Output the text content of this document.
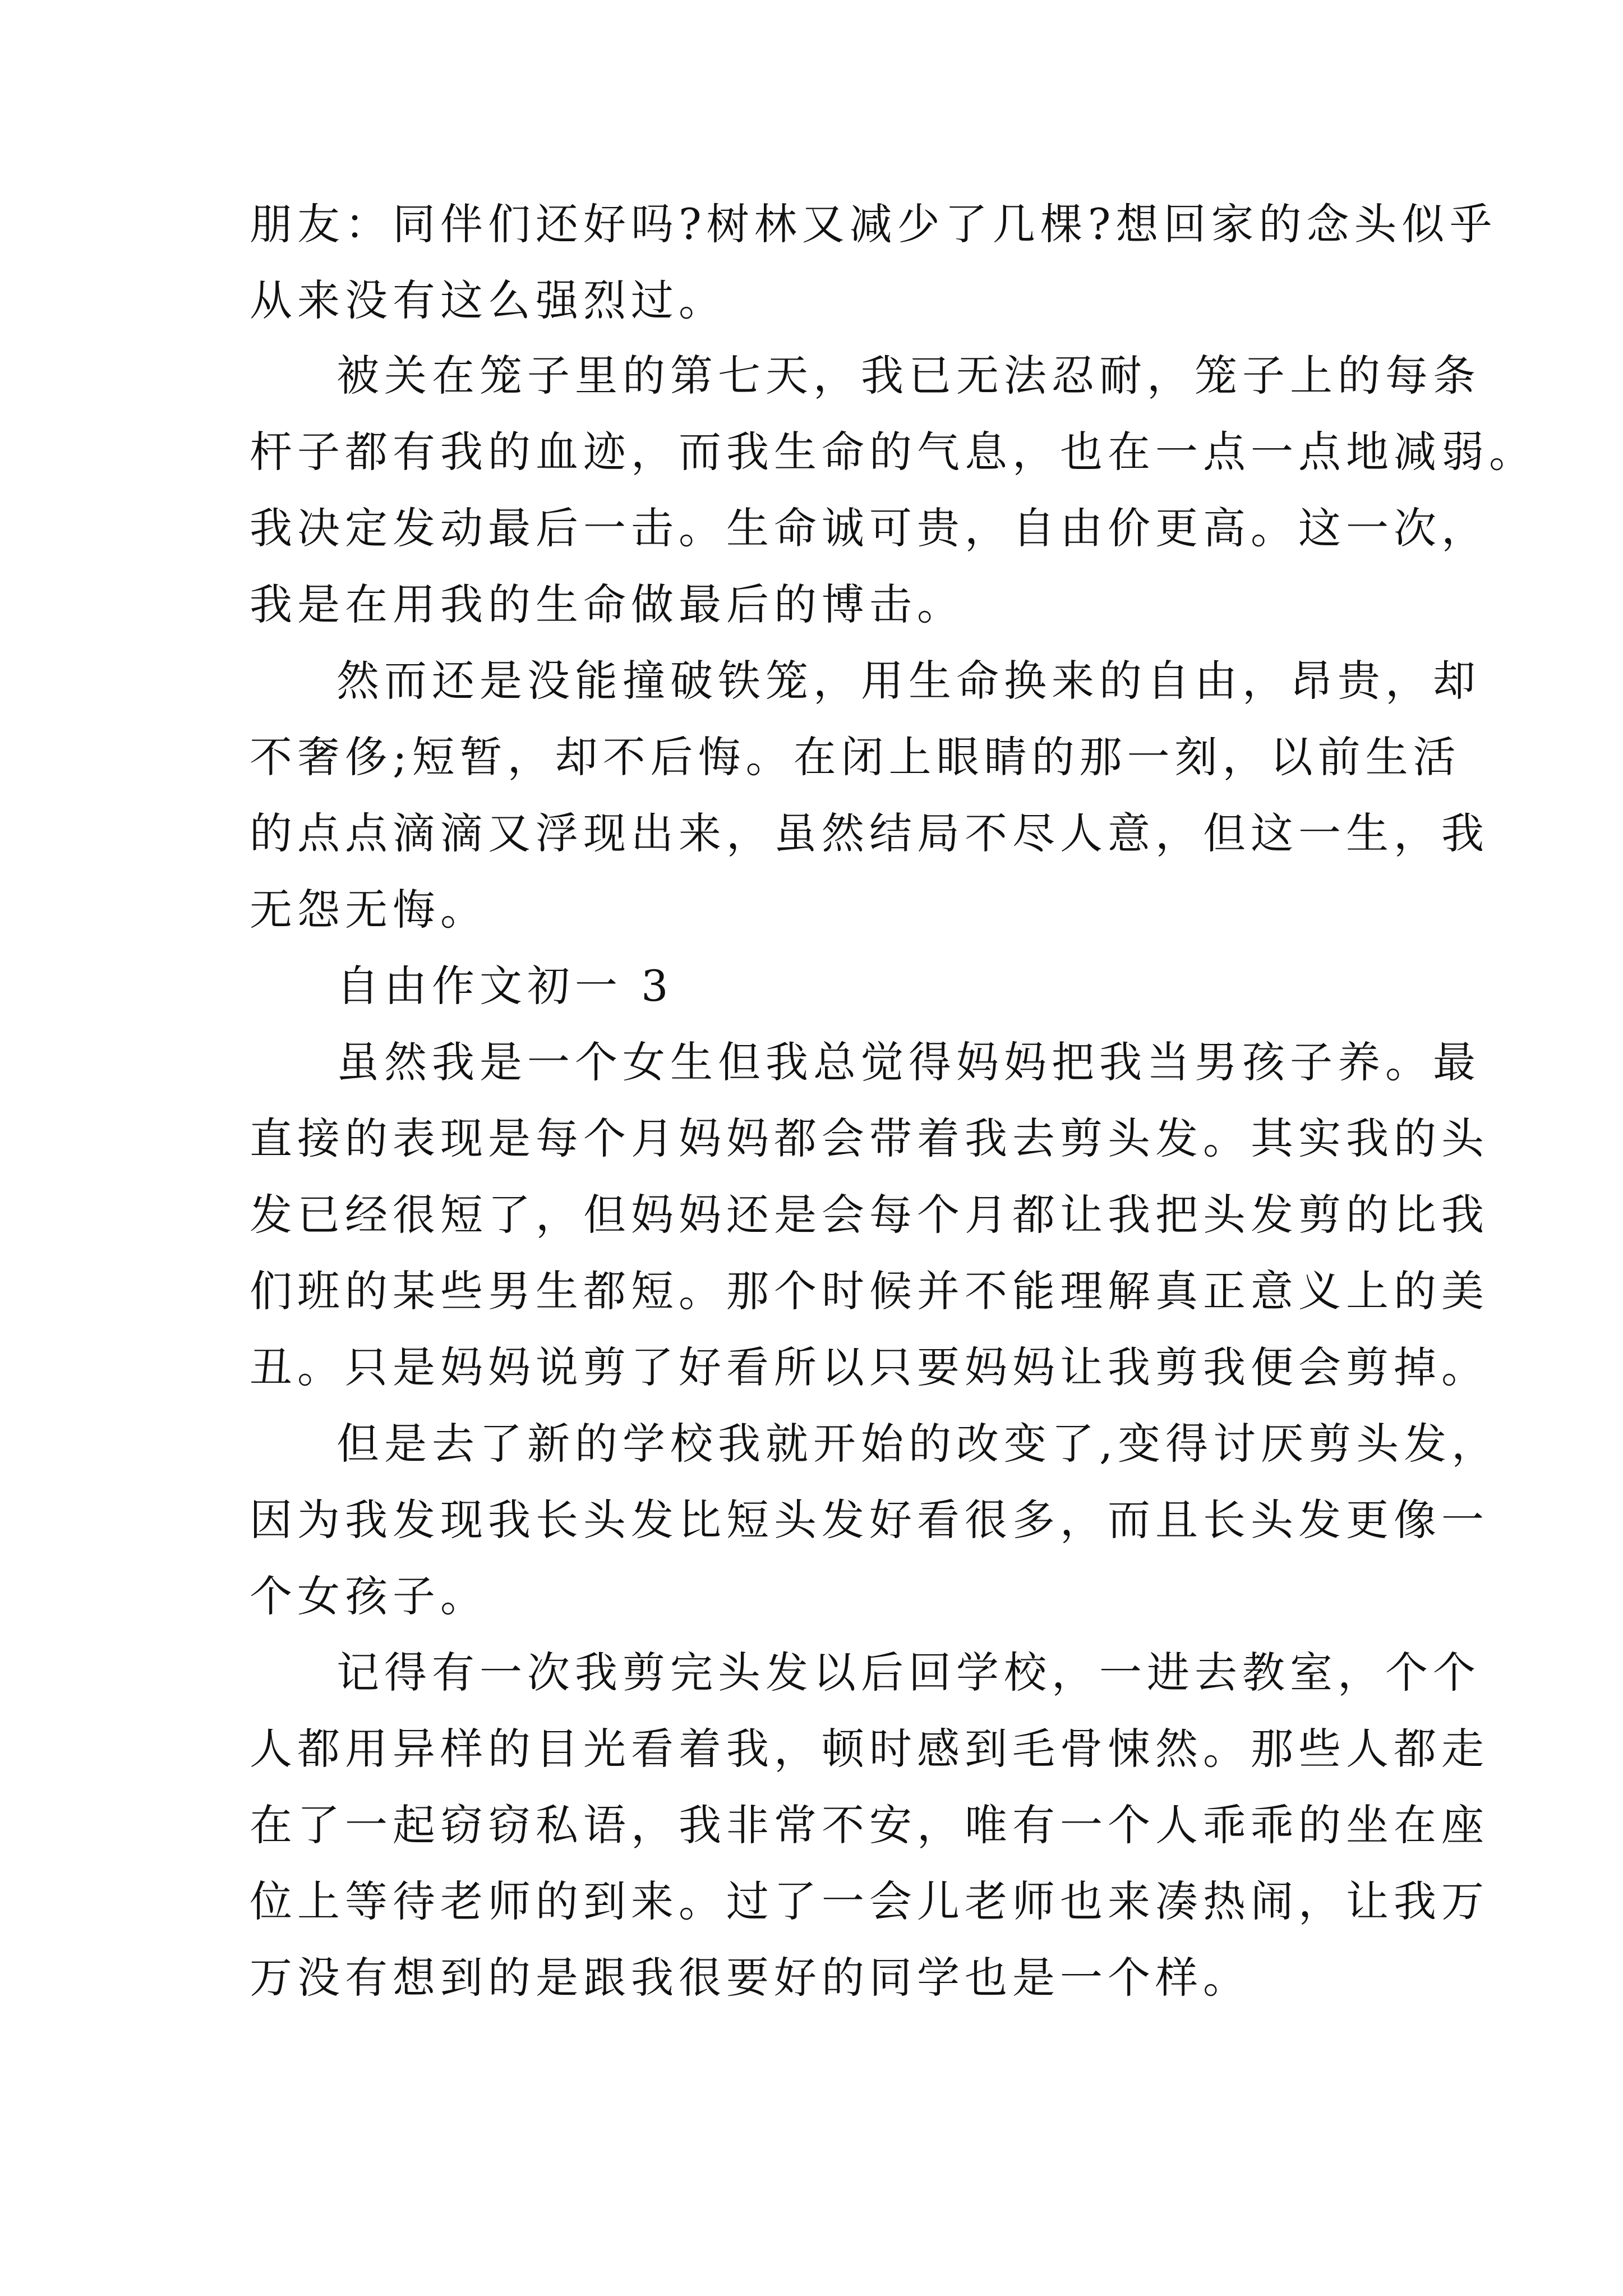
朋友：同伴们还好吗?树林又减少了几棵?想回家的念头似乎
从来没有这么强烈过。
被关在笼子里的第七天，我已无法忍耐，笼子上的每条
杆子都有我的血迹，而我生命的气息，也在一点一点地减弱。
我决定发动最后一击。生命诚可贵，自由价更高。这一次，
我是在用我的生命做最后的博击。
然而还是没能撞破铁笼，用生命换来的自由，昂贵，却
不奢侈;短暂，却不后悔。在闭上眼睛的那一刻，以前生活
的点点滴滴又浮现出来，虽然结局不尽人意，但这一生，我
无怨无悔。
自由作文初一 3
虽然我是一个女生但我总觉得妈妈把我当男孩子养。最
直接的表现是每个月妈妈都会带着我去剪头发。其实我的头
发已经很短了，但妈妈还是会每个月都让我把头发剪的比我
们班的某些男生都短。那个时候并不能理解真正意义上的美
丑。只是妈妈说剪了好看所以只要妈妈让我剪我便会剪掉。
但是去了新的学校我就开始的改变了,变得讨厌剪头发，
因为我发现我长头发比短头发好看很多，而且长头发更像一
个女孩子。
记得有一次我剪完头发以后回学校，一进去教室，个个
人都用异样的目光看着我，顿时感到毛骨悚然。那些人都走
在了一起窃窃私语，我非常不安，唯有一个人乖乖的坐在座
位上等待老师的到来。过了一会儿老师也来凑热闹，让我万
万没有想到的是跟我很要好的同学也是一个样。
